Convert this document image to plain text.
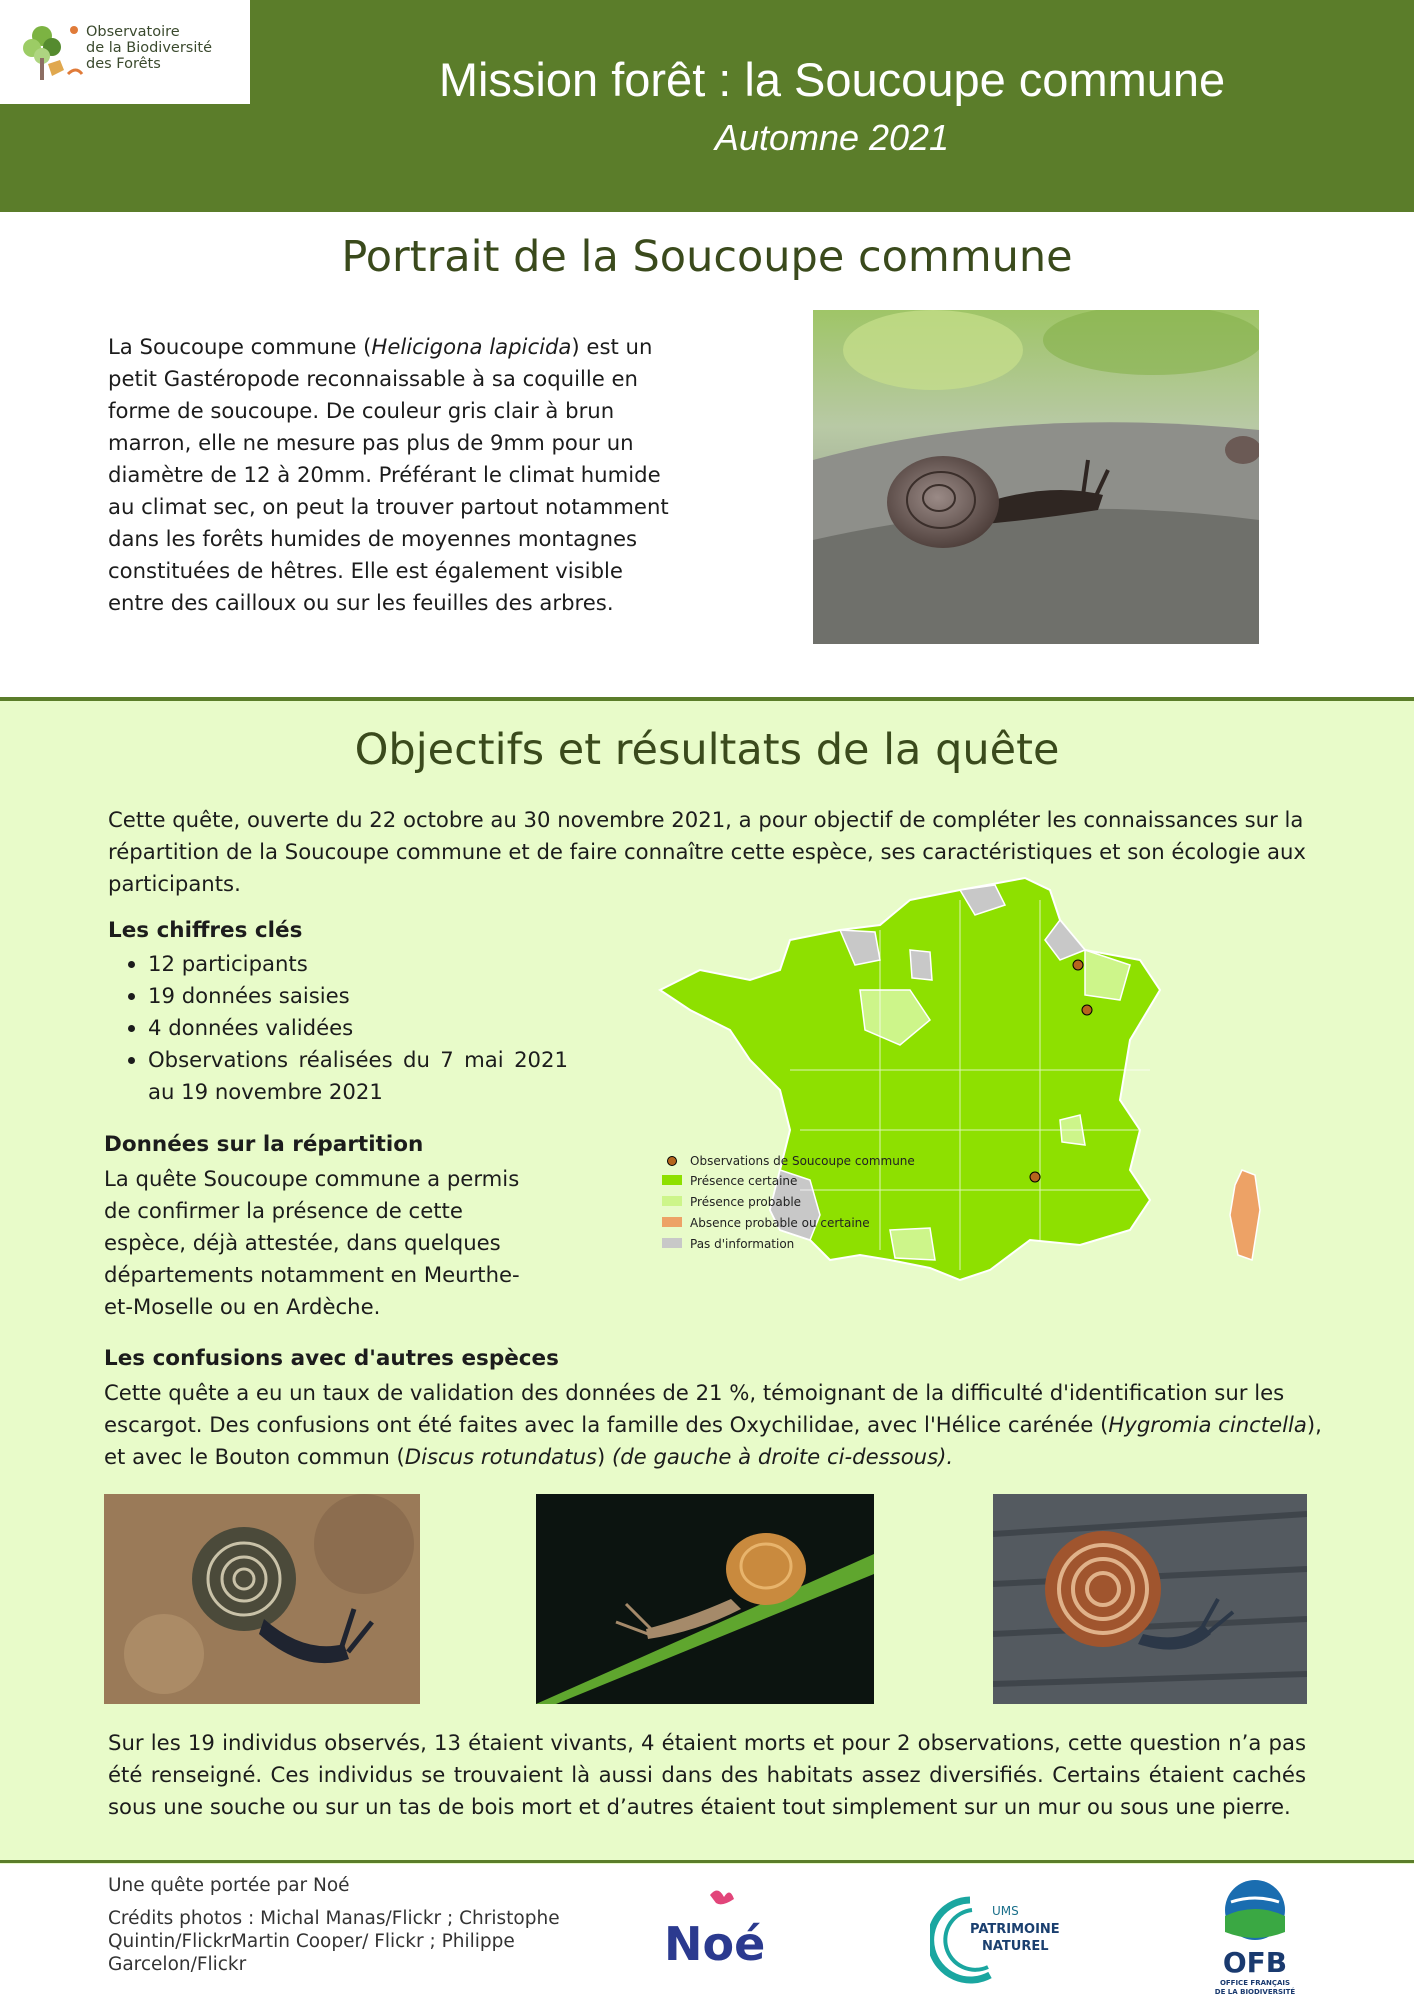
Observatoire
de la Biodiversité
des Forêts	Mission forêt : la Soucoupe commune
Automne 2021
Portrait de la Soucoupe commune
La Soucoupe commune (Helicigona lapicida) est un petit Gastéropode reconnaissable à sa coquille en forme de soucoupe. De couleur gris clair à brun marron, elle ne mesure pas plus de 9mm pour un diamètre de 12 à 20mm. Préférant le climat humide au climat sec, on peut la trouver partout notamment dans les forêts humides de moyennes montagnes constituées de hêtres. Elle est également visible entre des cailloux ou sur les feuilles des arbres.
Objectifs et résultats de la quête
Cette quête, ouverte du 22 octobre au 30 novembre 2021, a pour objectif de compléter les connaissances sur la répartition de la Soucoupe commune et de faire connaître cette espèce, ses caractéristiques et son écologie aux participants.
Les chiffres clés
• 12 participants
• 19 données saisies
• 4 données validées
• Observations réalisées du 7 mai 2021 au 19 novembre 2021
Données sur la répartition
La quête Soucoupe commune a permis de confirmer la présence de cette espèce, déjà attestée, dans quelques départements notamment en Meurthe-et-Moselle ou en Ardèche.
Observations de Soucoupe commune
Présence certaine
Présence probable
Absence probable ou certaine
Pas d'information
Les confusions avec d'autres espèces
Cette quête a eu un taux de validation des données de 21 %, témoignant de la difficulté d'identification sur les escargot. Des confusions ont été faites avec la famille des Oxychilidae, avec l'Hélice carénée (Hygromia cinctella), et avec le Bouton commun (Discus rotundatus) (de gauche à droite ci-dessous).
Sur les 19 individus observés, 13 étaient vivants, 4 étaient morts et pour 2 observations, cette question n’a pas été renseigné. Ces individus se trouvaient là aussi dans des habitats assez diversifiés. Certains étaient cachés sous une souche ou sur un tas de bois mort et d’autres étaient tout simplement sur un mur ou sous une pierre.
Une quête portée par Noé
Crédits photos : Michal Manas/Flickr ; Christophe Quintin/FlickrMartin Cooper/ Flickr ; Philippe Garcelon/Flickr	Noé
UMS
PATRIMOINE
NATUREL	OFB
OFFICE FRANÇAIS
DE LA BIODIVERSITÉ
